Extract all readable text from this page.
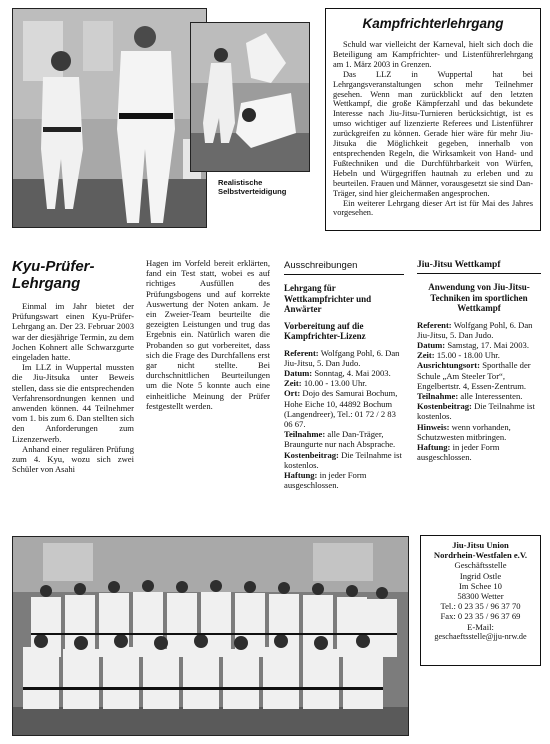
Realistische
Selbstverteidigung
Kampfrichterlehrgang

Schuld war vielleicht der Karneval, hielt sich doch die Beteiligung am Kampfrichter- und Listenführerlehrgang am 1. März 2003 in Grenzen.

Das LLZ in Wuppertal hat bei Lehrgangsveranstaltungen schon mehr Teilnehmer gesehen. Wenn man zurückblickt auf den letzten Wettkampf, die große Kämpferzahl und das bekundete Interesse nach Jiu-Jitsu-Turnieren berücksichtigt, ist es umso wichtiger auf lizenzierte Referees und Listenführer zurückgreifen zu können. Gerade hier wäre für mehr Jiu-Jitsuka die Möglichkeit gegeben, innerhalb von entsprechenden Regeln, die Wirksamkeit von Hand- und Fußtechniken und die Durchführbarkeit von Würfen, Hebeln und Würgegriffen hautnah zu erleben und zu beurteilen. Frauen und Männer, vorausgesetzt sie sind Dan-Träger, sind hier gleichermaßen angesprochen.

Ein weiterer Lehrgang dieser Art ist für Mai des Jahres vorgesehen.

Kyu-Prüfer-
Lehrgang

Einmal im Jahr bietet der Prüfungswart einen Kyu-Prüfer-Lehrgang an. Der 23. Februar 2003 war der diesjährige Termin, zu dem Jochen Kohnert alle Schwarzgurte eingeladen hatte.

Im LLZ in Wuppertal mussten die Jiu-Jitsuka unter Beweis stellen, dass sie die entsprechenden Verfahrensordnungen kennen und anwenden können. 44 Teilnehmer vom 1. bis zum 6. Dan stellten sich den Anforderungen zum Lizenzerwerb.

Anhand einer regulären Prüfung zum 4. Kyu, wozu sich zwei Schüler von Asahi

Hagen im Vorfeld bereit erklärten, fand ein Test statt, wobei es auf richtiges Ausfüllen des Prüfungsbogens und auf korrekte Auswertung der Noten ankam. Je ein Zweier-Team beurteilte die gezeigten Leistungen und trug das Ergebnis ein. Natürlich waren die Probanden so gut vorbereitet, dass sich die Frage des Durchfallens erst gar nicht stellte. Bei durchschnittlichen Beurteilungen um die Note 5 konnte auch eine einheitliche Meinung der Prüfer festgestellt werden.

Ausschreibungen
Lehrgang für Wettkampfrichter und Anwärter
Vorbereitung auf die Kampfrichter-Lizenz
Referent: Wolfgang Pohl, 6. Dan Jiu-Jitsu, 5. Dan Judo.
Datum: Sonntag, 4. Mai 2003.
Zeit: 10.00 - 13.00 Uhr.
Ort: Dojo des Samurai Bochum, Hohe Eiche 10, 44892 Bochum (Langendreer), Tel.: 01 72 / 2 83 06 67.
Teilnahme: alle Dan-Träger, Braungurte nur nach Absprache.
Kostenbeitrag: Die Teilnahme ist kostenlos.
Haftung: in jeder Form ausgeschlossen.
Jiu-Jitsu Wettkampf
Anwendung von Jiu-Jitsu-Techniken im sportlichen Wettkampf
Referent: Wolfgang Pohl, 6. Dan Jiu-Jitsu, 5. Dan Judo.
Datum: Samstag, 17. Mai 2003.
Zeit: 15.00 - 18.00 Uhr.
Ausrichtungsort: Sporthalle der Schule „Am Steeler Tor“, Engelbertstr. 4, Essen-Zentrum.
Teilnahme: alle Interessenten.
Kostenbeitrag: Die Teilnahme ist kostenlos.
Hinweis: wenn vorhanden, Schutzwesten mitbringen.
Haftung: in jeder Form ausgeschlossen.
Jiu-Jitsu Union
Nordrhein-Westfalen e.V.
Geschäftsstelle
Ingrid Ostle
Im Schee 10
58300 Wetter
Tel.: 0 23 35 / 96 37 70
Fax: 0 23 35 / 96 37 69
E-Mail:
geschaeftsstelle@jju-nrw.de
